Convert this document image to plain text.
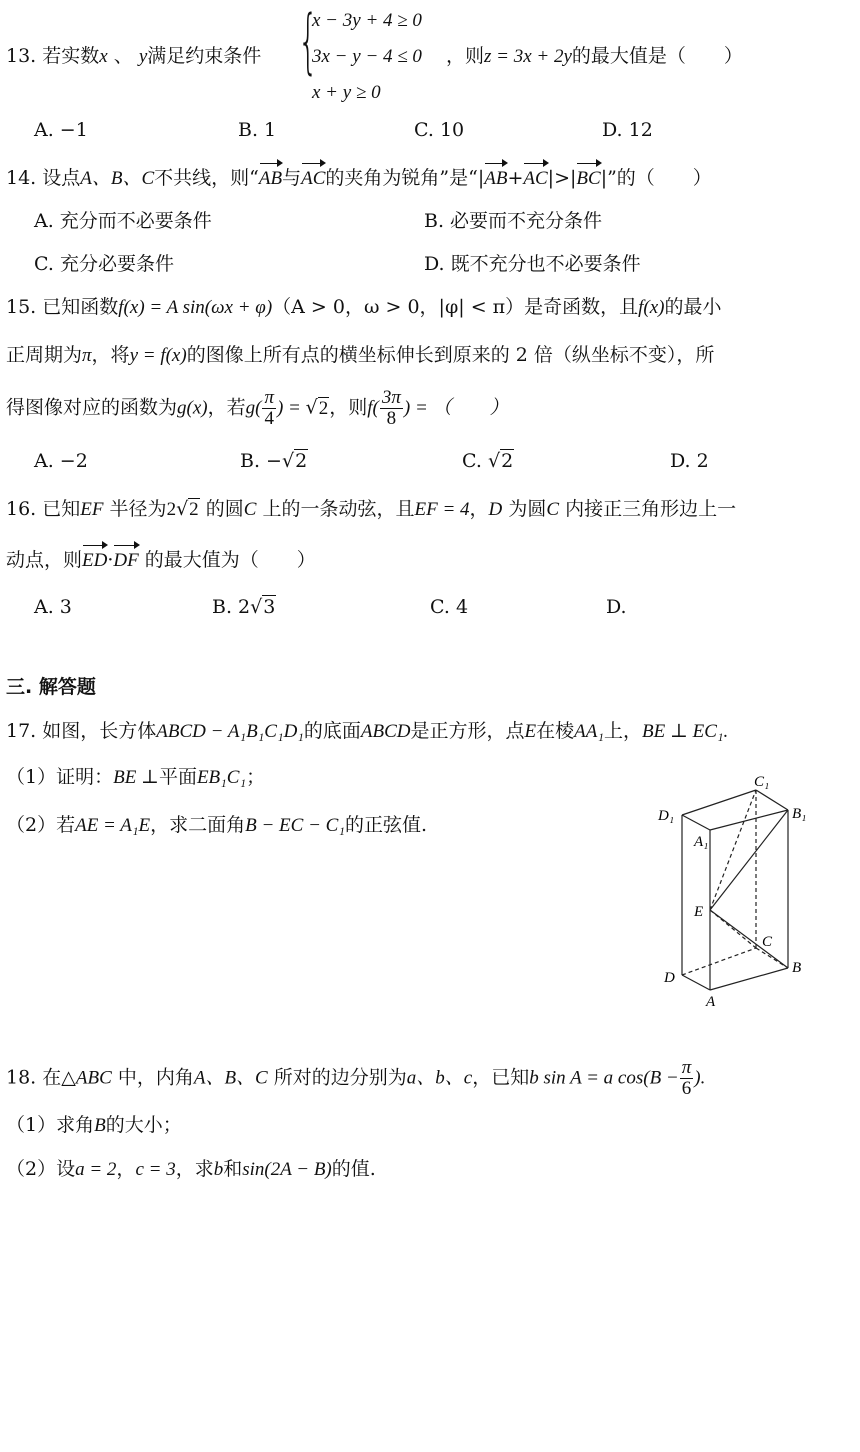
13. 若实数x 、 y满足约束条件 {
x − 3y + 4 ≥ 0
3x − y − 4 ≤ 0
x + y ≥ 0
，则z = 3x + 2y的最大值是（　　）
A. −1	B. 1	C. 10	D. 12
14. 设点A、B、C不共线，则“AB与AC的夹角为锐角”是“|AB+AC|>|BC|”的（　　）
A. 充分而不必要条件	B. 必要而不充分条件
C. 充分必要条件	D. 既不充分也不必要条件
15. 已知函数f(x) = A sin(ωx + φ)（A > 0，ω > 0，|φ| < π）是奇函数，且f(x)的最小
正周期为π，将y = f(x)的图像上所有点的横坐标伸长到原来的 2 倍（纵坐标不变），所
得图像对应的函数为g(x)，若$g( \frac{\pi}{4}$ ) = √2，则$f( \frac{3\pi}{8}$ ) = （　　）
A. −2	B. −√2	C. √2	D. 2
16. 已知EF 半径为2√2 的圆C 上的一条动弦，且EF = 4，D 为圆C 内接正三角形边上一
动点，则ED·DF 的最大值为（　　）
A. 3	B. 2√3	C. 4	D.
三. 解答题
17. 如图，长方体ABCD − A₁B₁C₁D₁的底面ABCD是正方形，点E在棱AA₁上，BE ⊥ EC₁.
（1）证明：BE ⊥平面EB₁C₁；
（2）若AE = A₁E，求二面角B − EC − C₁的正弦值.
C₁
D₁	B₁
A₁
E
C
D
B
A
18. 在△ABC 中，内角A、B、C 所对的边分别为a、b、c，已知b sin A = a $\cos(B - \frac{\pi}{6}$ ).
（1）求角B的大小；
（2）设a = 2，c = 3，求b和sin(2A − B)的值.
